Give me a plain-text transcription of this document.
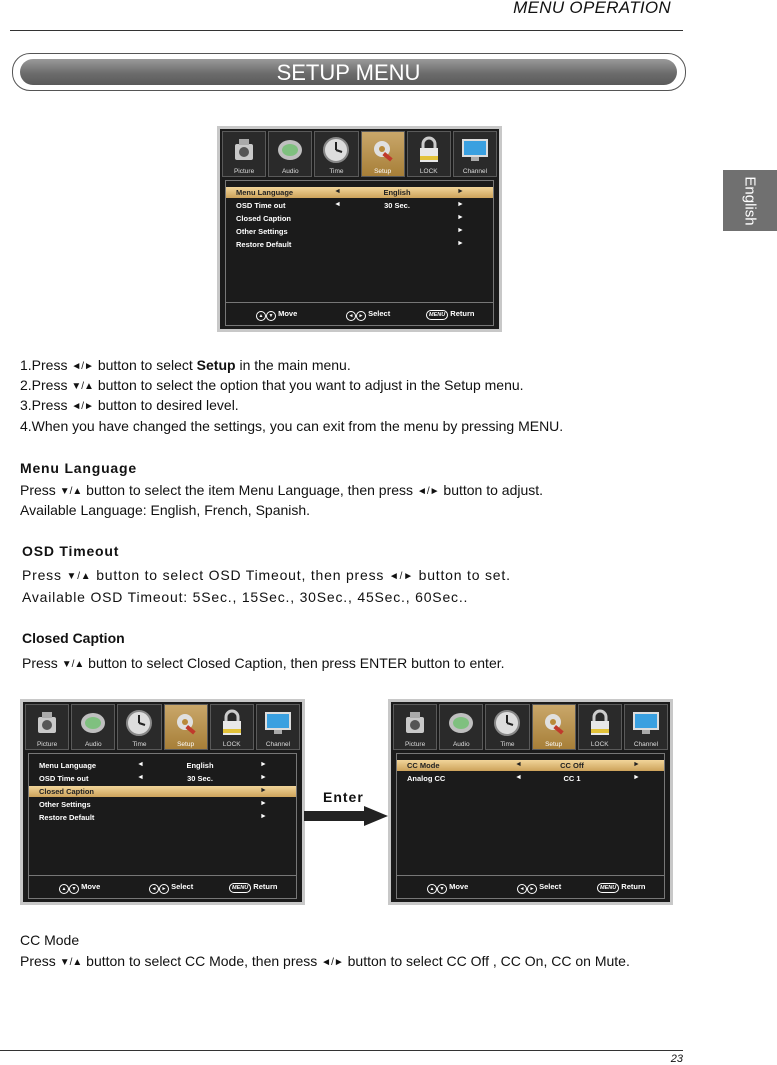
MENU OPERATION
SETUP MENU
English
Picture	Audio	Time	Setup	LOCK	Channel
Menu Language	◄	English	►
OSD Time out	◄	30 Sec.	►
Closed Caption	►
Other Settings	►
Restore Default	►
▲ ▼ Move	◄ ► Select	MENU Return
1.Press ◄/► button to select Setup in the main menu.
2.Press ▼/▲ button to select the option that you want to adjust in the Setup menu.
3.Press ◄/► button to desired level.
4.When you have changed the settings, you can exit from the menu by pressing MENU.
Menu Language
Press ▼/▲ button to select the item Menu Language, then press ◄/► button to adjust.
Available Language: English, French, Spanish.
OSD Timeout
Press ▼/▲ button to select OSD Timeout, then press ◄/► button to set.
Available OSD Timeout: 5Sec., 15Sec., 30Sec., 45Sec., 60Sec..
Closed Caption
Press ▼/▲ button to select Closed Caption, then press ENTER button to enter.
Picture	Audio	Time	Setup	LOCK	Channel
Menu Language	◄	English	►
OSD Time out	◄	30 Sec.	►
Closed Caption	►
Other Settings	►
Restore Default	►
▲ ▼ Move	◄ ► Select	MENU Return
Enter
Picture	Audio	Time	Setup	LOCK	Channel
CC Mode	◄	CC Off	►
Analog CC	◄	CC 1	►
▲ ▼ Move	◄ ► Select	MENU Return
CC Mode
Press ▼/▲ button to select CC Mode, then press ◄/► button to select CC Off , CC On, CC on Mute.
23
